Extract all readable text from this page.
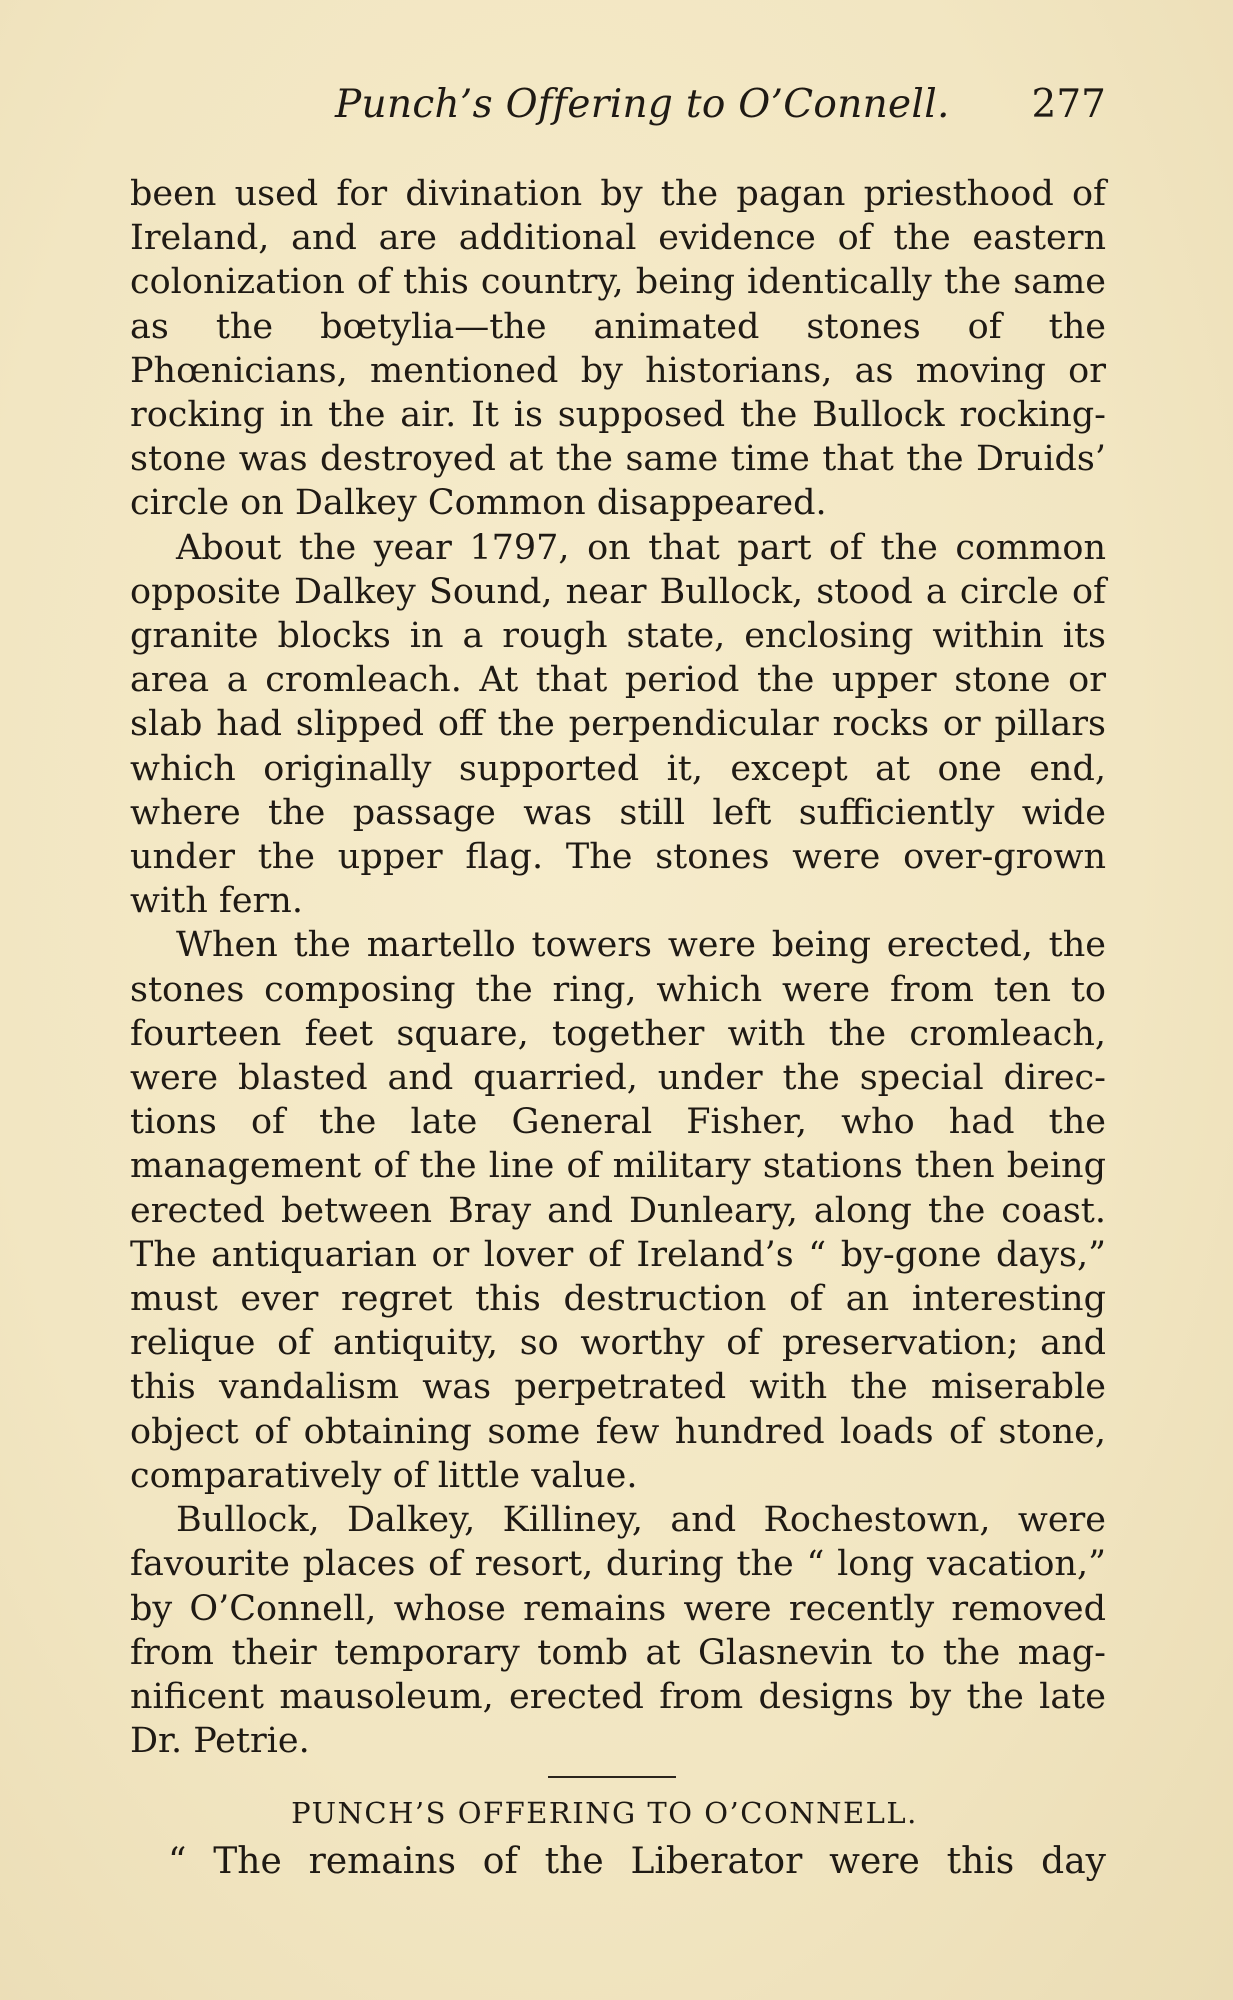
Punch’s Offering to O’Connell. 277

been used for divination by the pagan priesthood of Ireland, and are additional evidence of the eastern colonization of this country, being identically the same as the bœtylia—the animated stones of the Phœnicians, mentioned by historians, as moving or rocking in the air. It is supposed the Bullock rocking-stone was destroyed at the same time that the Druids’ circle on Dalkey Common disappeared.

About the year 1797, on that part of the common opposite Dalkey Sound, near Bullock, stood a circle of granite blocks in a rough state, enclosing within its area a cromleach. At that period the upper stone or slab had slipped off the perpendicular rocks or pillars which originally supported it, except at one end, where the passage was still left sufficiently wide under the upper flag. The stones were over-grown with fern.

When the martello towers were being erected, the stones composing the ring, which were from ten to fourteen feet square, together with the cromleach, were blasted and quarried, under the special direc-tions of the late General Fisher, who had the management of the line of military stations then being erected between Bray and Dunleary, along the coast. The antiquarian or lover of Ireland’s “ by-gone days,” must ever regret this destruction of an interesting relique of antiquity, so worthy of preservation; and this vandalism was perpetrated with the miserable object of obtaining some few hundred loads of stone, comparatively of little value.

Bullock, Dalkey, Killiney, and Rochestown, were favourite places of resort, during the “ long vacation,” by O’Connell, whose remains were recently removed from their temporary tomb at Glasnevin to the mag-nificent mausoleum, erected from designs by the late Dr. Petrie.

PUNCH’S OFFERING TO O’CONNELL.
“ The remains of the Liberator were this day
